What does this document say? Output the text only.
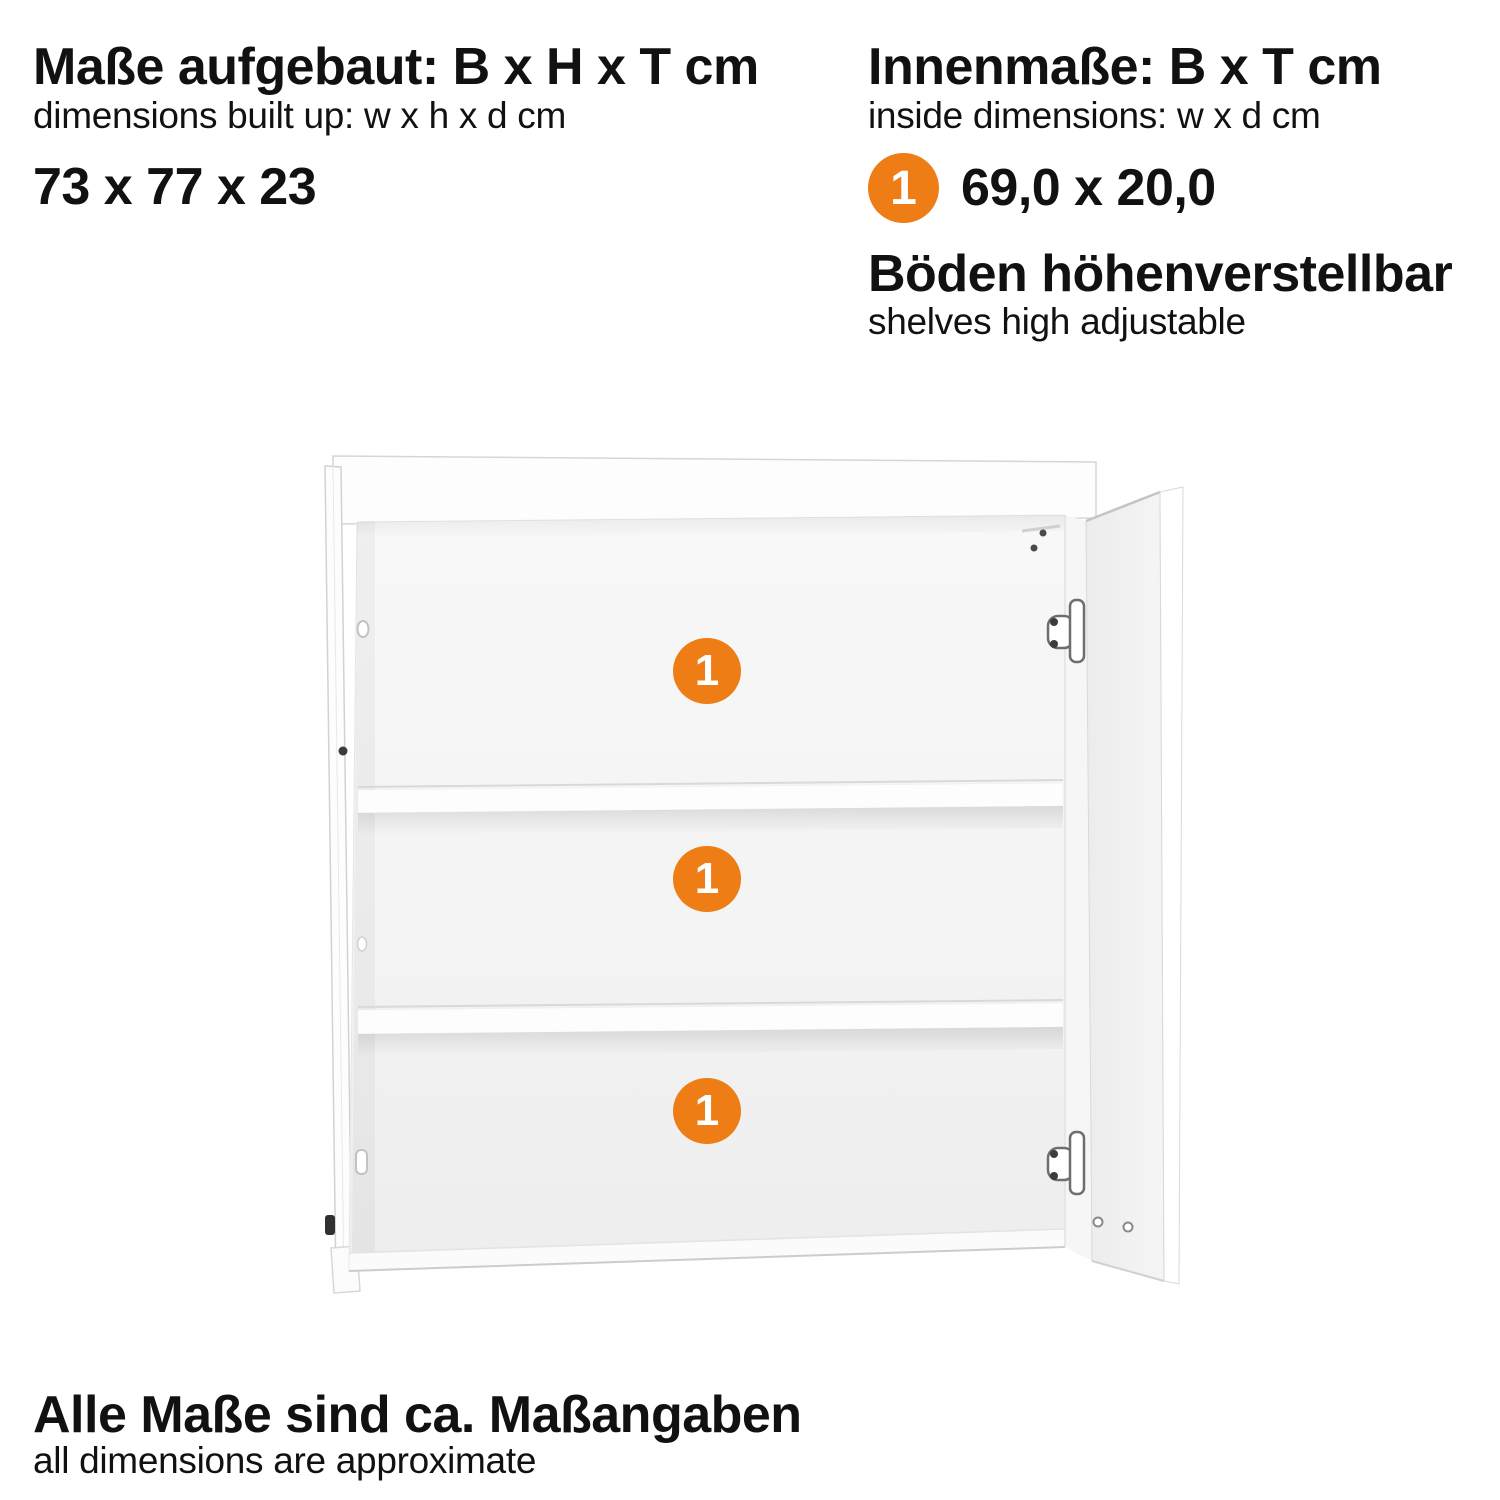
Maße aufgebaut: B x H x T cm
dimensions built up: w x h x d cm
73 x 77 x 23
Innenmaße: B x T cm
inside dimensions: w x d cm
1 69,0 x 20,0
Böden höhenverstellbar
shelves high adjustable
1
1
1
Alle Maße sind ca. Maßangaben
all dimensions are approximate
